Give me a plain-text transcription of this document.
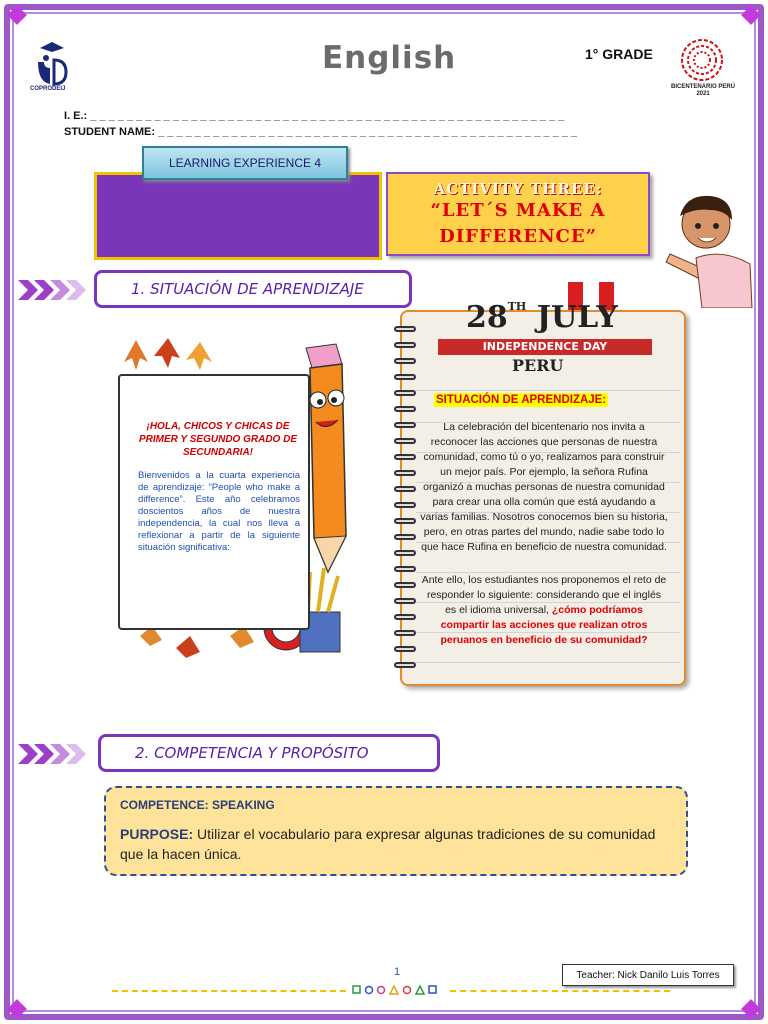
COPRODEIJ
English	1° GRADE
BICENTENARIO PERÚ 2021
I. E.: _ _ _ _ _ _ _ _ _ _ _ _ _ _ _ _ _ _ _ _ _ _ _ _ _ _ _ _ _ _ _ _ _ _ _ _ _ _ _ _ _ _ _ _ _ _ _ _ _ _ _ _
STUDENT NAME: _ _ _ _ _ _ _ _ _ _ _ _ _ _ _ _ _ _ _ _ _ _ _ _ _ _ _ _ _ _ _ _ _ _ _ _ _ _ _ _ _ _ _ _ _ _
LEARNING EXPERIENCE 4
ACTIVITY THREE:
“LET´S MAKE A
DIFFERENCE”
1. SITUACIÓN DE APRENDIZAJE
¡HOLA, CHICOS Y CHICAS DE PRIMER Y SEGUNDO GRADO DE SECUNDARIA!
Bienvenidos a la cuarta experiencia de aprendizaje: “People who make a difference”. Este año celebramos doscientos años de nuestra independencia, la cual nos lleva a reflexionar a partir de la siguiente situación significativa:
28TH JULY
INDEPENDENCE DAY
PERU
SITUACIÓN DE APRENDIZAJE:
La celebración del bicentenario nos invita a reconocer las acciones que personas de nuestra comunidad, como tú o yo, realizamos para construir un mejor país. Por ejemplo, la señora Rufina organizó a muchas personas de nuestra comunidad para crear una olla común que está ayudando a varias familias. Nosotros conocemos bien su historia, pero, en otras partes del mundo, nadie sabe todo lo que hace Rufina en beneficio de nuestra comunidad.
Ante ello, los estudiantes nos proponemos el reto de responder lo siguiente: considerando que el inglés es el idioma universal, ¿cómo podríamos compartir las acciones que realizan otros peruanos en beneficio de su comunidad?
2. COMPETENCIA Y PROPÓSITO
COMPETENCE: SPEAKING
PURPOSE: Utilizar el vocabulario para expresar algunas tradiciones de su comunidad que la hacen única.
1	Teacher: Nick Danilo Luis Torres
